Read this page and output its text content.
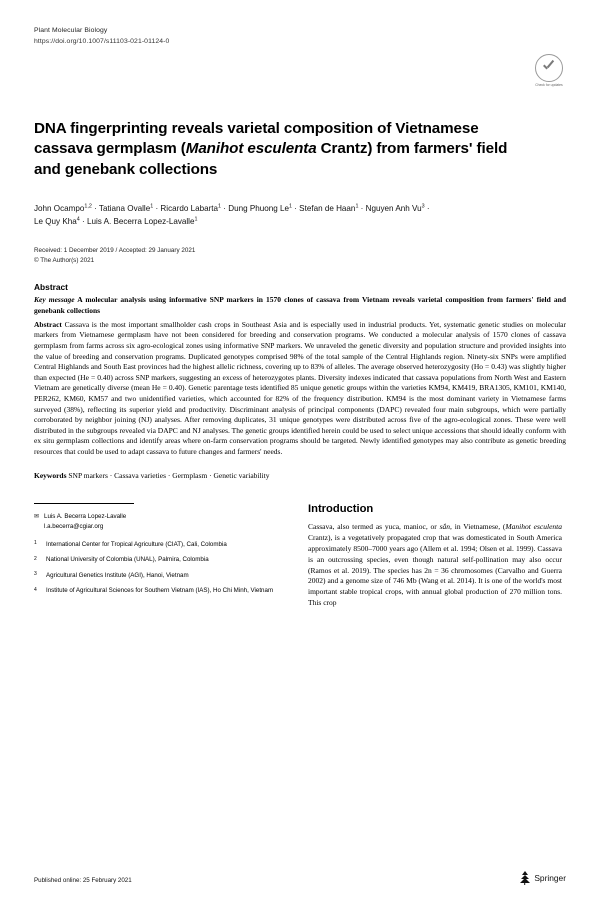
Plant Molecular Biology
https://doi.org/10.1007/s11103-021-01124-0
Check for updates
DNA fingerprinting reveals varietal composition of Vietnamese
cassava germplasm (Manihot esculenta Crantz) from farmers' field
and genebank collections
John Ocampo$^{1,2}$ · Tatiana Ovalle$^1$ · Ricardo Labarta$^1$ · Dung Phuong $Le^1$ · Stefan de Haan$^1$ · Nguyen Anh $Vu^3$ ·
Le Quy Kha$^4$ · Luis A. Becerra Lopez-Lavalle$^1$
Received: 1 December 2019 / Accepted: 29 January 2021
© The Author(s) 2021
Abstract
Key message A molecular analysis using informative SNP markers in 1570 clones of cassava from Vietnam reveals varietal composition from farmers' field and genebank collections
Abstract Cassava is the most important smallholder cash crops in Southeast Asia and is especially used in industrial products. Yet, systematic genetic studies on molecular markers from Vietnamese germplasm have not been considered for breeding and conservation programs. We conducted a molecular analysis of 1570 clones of cassava germplasm from farms across six agro-ecological zones using informative SNP markers. We unraveled the genetic diversity and population structure and provided insights into the value of breeding and conservation programs. Duplicated genotypes comprised 98% of the total sample of the Central Highlands region. Ninety-six SNPs were amplified Central Highlands and South East provinces had the highest allelic richness, covering up to 83% of alleles. The average observed heterozygosity (Ho = 0.43) was slightly higher than expected (He = 0.40) across SNP markers, suggesting an excess of heterozygotes plants. Diversity indexes indicated that cassava populations from North West and Eastern Vietnam are genetically diverse (mean He = 0.40). Genetic parentage tests identified 85 unique genetic groups within the varieties KM94, KM419, BRA1305, KM101, KM140, PER262, KM60, KM57 and two unidentified varieties, which accounted for 82% of the frequency distribution. KM94 is the most dominant variety in Vietnamese farms surveyed (38%), reflecting its superior yield and productivity. Discriminant analysis of principal components (DAPC) revealed four main subgroups, which were partially corroborated by neighbor joining (NJ) analyses. After removing duplicates, 31 unique genotypes were distributed across five of the agro-ecological zones. These were well distributed in the subgroups revealed via DAPC and NJ analyses. The genetic groups identified herein could be used to select unique accessions that should ideally conform with ex situ germplasm collections and identify areas where on-farm conservation programs should be targeted. Newly identified genotypes may also contribute as genetic breeding resources that could be used to adapt cassava to future changes and farmers' needs.
Keywords SNP markers · Cassava varieties · Germplasm · Genetic variability
✉ Luis A. Becerra Lopez-Lavalle
l.a.becerra@cgiar.org
1	International Center for Tropical Agriculture (CIAT), Cali, Colombia
2	National University of Colombia (UNAL), Palmira, Colombia
3	Agricultural Genetics Institute (AGI), Hanoi, Vietnam
4	Institute of Agricultural Sciences for Southern Vietnam (IAS), Ho Chi Minh, Vietnam
Introduction
Cassava, also termed as yuca, manioc, or sắn, in Vietnamese, (Manihot esculenta Crantz), is a vegetatively propagated crop that was domesticated in South America approximately 8500–7000 years ago (Allem et al. 1994; Olsen et al. 1999). Cassava is an outcrossing species, even though natural self-pollination may also occur (Ramos et al. 2019). The species has 2n = 36 chromosomes (Carvalho and Guerra 2002) and a genome size of 746 Mb (Wang et al. 2014). It is one of the world's most important stable tropical crops, with annual global production of 270 million tons. This crop
Published online: 25 February 2021	Springer
